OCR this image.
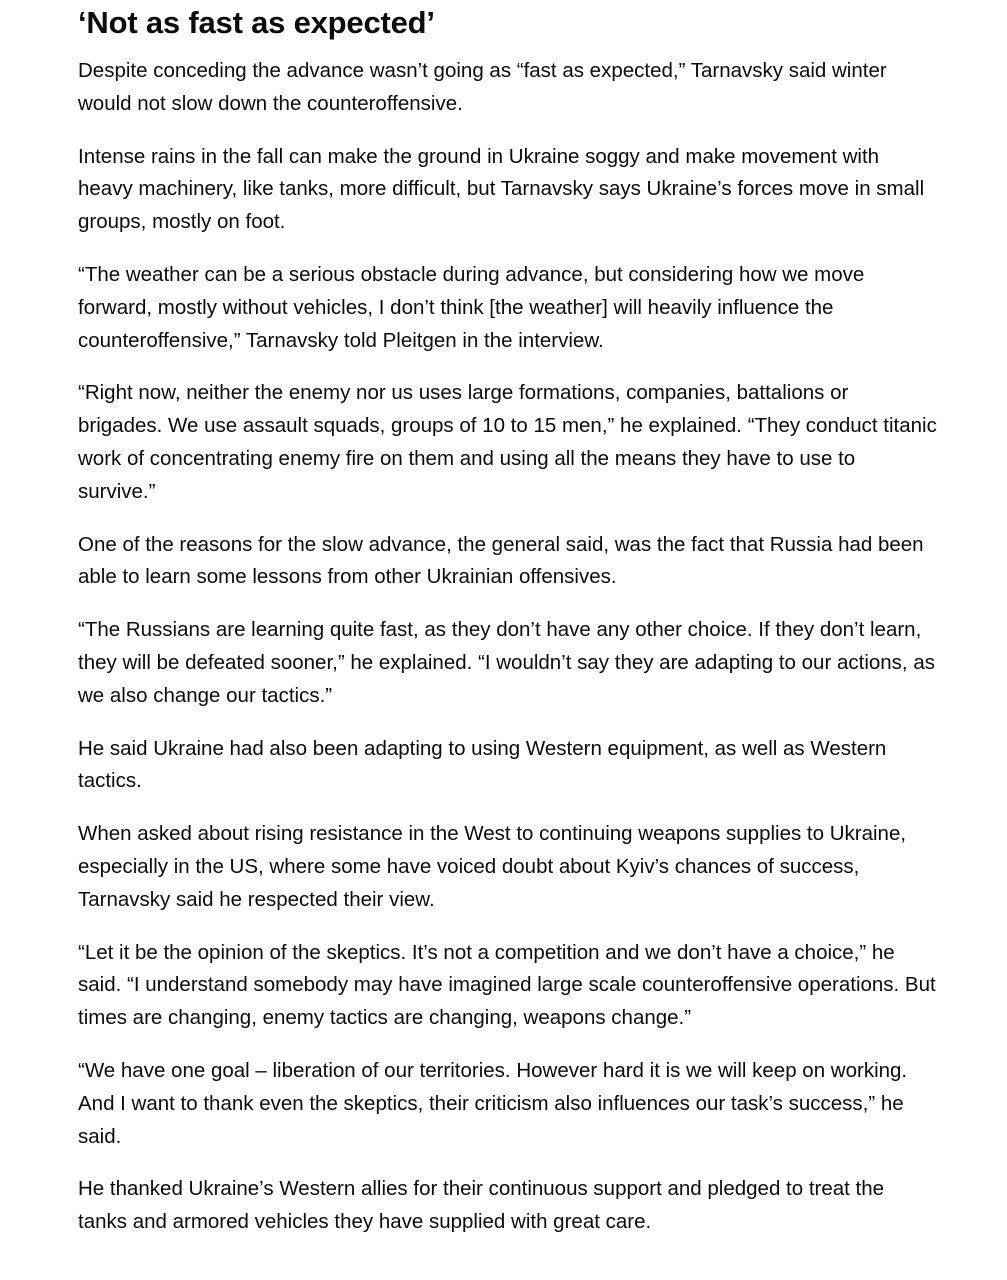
‘Not as fast as expected’

Despite conceding the advance wasn’t going as “fast as expected,” Tarnavsky said winter would not slow down the counteroffensive.

Intense rains in the fall can make the ground in Ukraine soggy and make movement with heavy machinery, like tanks, more difficult, but Tarnavsky says Ukraine’s forces move in small groups, mostly on foot.

“The weather can be a serious obstacle during advance, but considering how we move forward, mostly without vehicles, I don’t think [the weather] will heavily influence the counteroffensive,” Tarnavsky told Pleitgen in the interview.

“Right now, neither the enemy nor us uses large formations, companies, battalions or brigades. We use assault squads, groups of 10 to 15 men,” he explained. “They conduct titanic work of concentrating enemy fire on them and using all the means they have to use to survive.”

One of the reasons for the slow advance, the general said, was the fact that Russia had been able to learn some lessons from other Ukrainian offensives.

“The Russians are learning quite fast, as they don’t have any other choice. If they don’t learn, they will be defeated sooner,” he explained. “I wouldn’t say they are adapting to our actions, as we also change our tactics.”

He said Ukraine had also been adapting to using Western equipment, as well as Western tactics.

When asked about rising resistance in the West to continuing weapons supplies to Ukraine, especially in the US, where some have voiced doubt about Kyiv’s chances of success, Tarnavsky said he respected their view.

“Let it be the opinion of the skeptics. It’s not a competition and we don’t have a choice,” he said. “I understand somebody may have imagined large scale counteroffensive operations. But times are changing, enemy tactics are changing, weapons change.”

“We have one goal – liberation of our territories. However hard it is we will keep on working. And I want to thank even the skeptics, their criticism also influences our task’s success,” he said.

He thanked Ukraine’s Western allies for their continuous support and pledged to treat the tanks and armored vehicles they have supplied with great care.
